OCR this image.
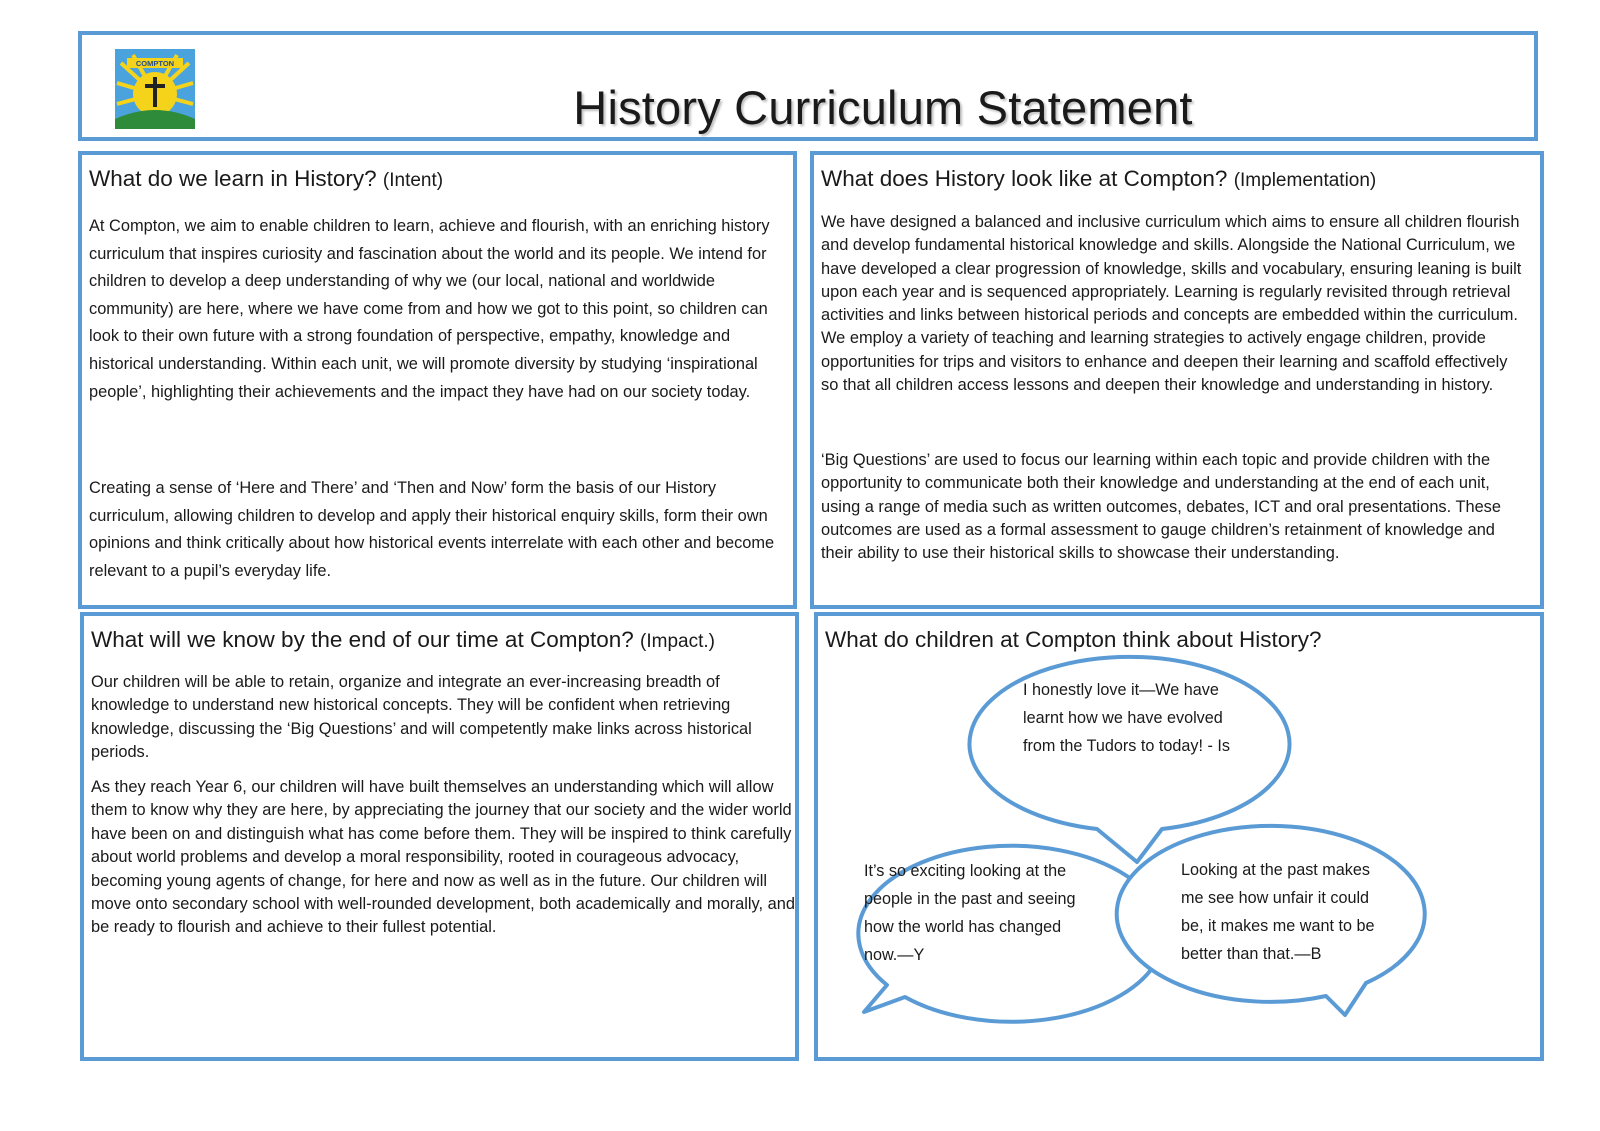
COMPTON
History Curriculum Statement
What do we learn in History? (Intent)

At Compton, we aim to enable children to learn, achieve and flourish, with an enriching history curriculum that inspires curiosity and fascination about the world and its people. We intend for children to develop a deep understanding of why we (our local, national and worldwide community) are here, where we have come from and how we got to this point, so children can look to their own future with a strong foundation of perspective, empathy, knowledge and historical understanding. Within each unit, we will promote diversity by studying ‘inspirational people’, highlighting their achievements and the impact they have had on our society today.

Creating a sense of ‘Here and There’ and ‘Then and Now’ form the basis of our History curriculum, allowing children to develop and apply their historical enquiry skills, form their own opinions and think critically about how historical events interrelate with each other and become relevant to a pupil’s everyday life.

What does History look like at Compton? (Implementation)

We have designed a balanced and inclusive curriculum which aims to ensure all children flourish and develop fundamental historical knowledge and skills. Alongside the National Curriculum, we have developed a clear progression of knowledge, skills and vocabulary, ensuring leaning is built upon each year and is sequenced appropriately. Learning is regularly revisited through retrieval activities and links between historical periods and concepts are embedded within the curriculum. We employ a variety of teaching and learning strategies to actively engage children, provide opportunities for trips and visitors to enhance and deepen their learning and scaffold effectively so that all children access lessons and deepen their knowledge and understanding in history.

‘Big Questions’ are used to focus our learning within each topic and provide children with the opportunity to communicate both their knowledge and understanding at the end of each unit, using a range of media such as written outcomes, debates, ICT and oral presentations. These outcomes are used as a formal assessment to gauge children’s retainment of knowledge and their ability to use their historical skills to showcase their understanding.

What will we know by the end of our time at Compton? (Impact.)

Our children will be able to retain, organize and integrate an ever-increasing breadth of knowledge to understand new historical concepts. They will be confident when retrieving knowledge, discussing the ‘Big Questions’ and will competently make links across historical periods.

As they reach Year 6, our children will have built themselves an understanding which will allow them to know why they are here, by appreciating the journey that our society and the wider world have been on and distinguish what has come before them. They will be inspired to think carefully about world problems and develop a moral responsibility, rooted in courageous advocacy, becoming young agents of change, for here and now as well as in the future. Our children will move onto secondary school with well-rounded development, both academically and morally, and be ready to flourish and achieve to their fullest potential.

What do children at Compton think about History?

I honestly love it—We have learnt how we have evolved from the Tudors to today! - Is

It’s so exciting looking at the people in the past and seeing how the world has changed now.—Y

Looking at the past makes me see how unfair it could be, it makes me want to be better than that.—B
